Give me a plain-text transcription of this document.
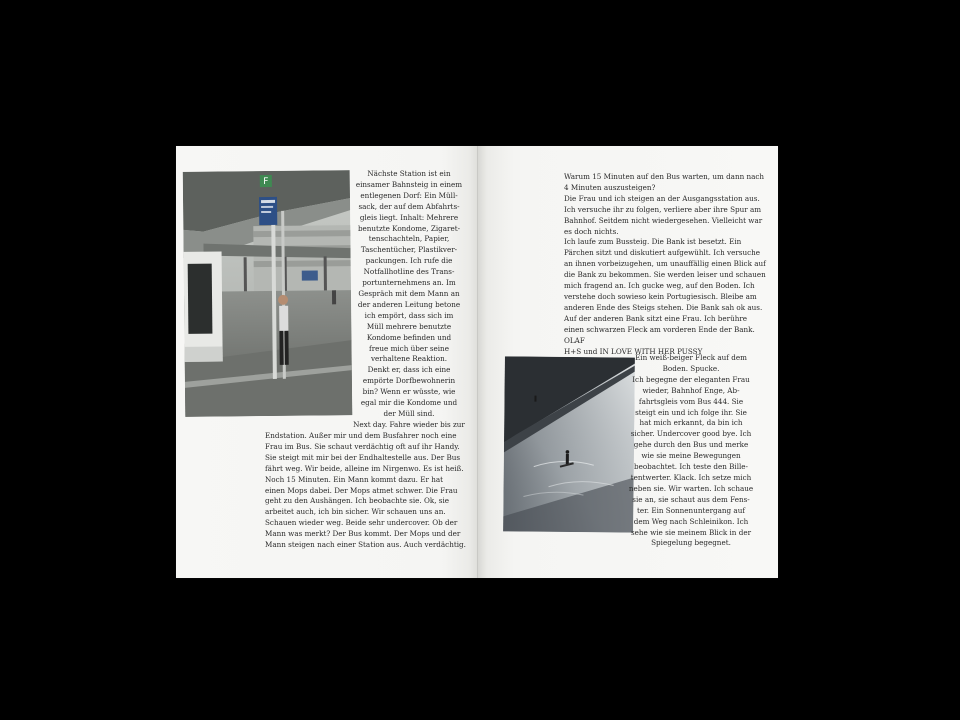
F
Nächste Station ist ein
einsamer Bahnsteig in einem
entlegenen Dorf: Ein Müll-
sack, der auf dem Abfahrts-
gleis liegt. Inhalt: Mehrere
benutzte Kondome, Zigaret-
tenschachteln, Papier,
Taschentücher, Plastikver-
packungen. Ich rufe die
Notfallhotline des Trans-
portunternehmens an. Im
Gespräch mit dem Mann an
der anderen Leitung betone
ich empört, dass sich im
Müll mehrere benutzte
Kondome befinden und
freue mich über seine
verhaltene Reaktion.
Denkt er, dass ich eine
empörte Dorfbewohnerin
bin? Wenn er wüsste, wie
egal mir die Kondome und
der Müll sind.
Next day. Fahre wieder bis zur
Endstation. Außer mir und dem Busfahrer noch eine
Frau im Bus. Sie schaut verdächtig oft auf ihr Handy.
Sie steigt mit mir bei der Endhaltestelle aus. Der Bus
fährt weg. Wir beide, alleine im Nirgenwo. Es ist heiß.
Noch 15 Minuten. Ein Mann kommt dazu. Er hat
einen Mops dabei. Der Mops atmet schwer. Die Frau
geht zu den Aushängen. Ich beobachte sie. Ok, sie
arbeitet auch, ich bin sicher. Wir schauen uns an.
Schauen wieder weg. Beide sehr undercover. Ob der
Mann was merkt? Der Bus kommt. Der Mops und der
Mann steigen nach einer Station aus. Auch verdächtig.
Warum 15 Minuten auf den Bus warten, um dann nach
4 Minuten auszusteigen?
Die Frau und ich steigen an der Ausgangsstation aus.
Ich versuche ihr zu folgen, verliere aber ihre Spur am
Bahnhof. Seitdem nicht wiedergesehen. Vielleicht war
es doch nichts.
Ich laufe zum Bussteig. Die Bank ist besetzt. Ein
Pärchen sitzt und diskutiert aufgewühlt. Ich versuche
an ihnen vorbeizugehen, um unauffällig einen Blick auf
die Bank zu bekommen. Sie werden leiser und schauen
mich fragend an. Ich gucke weg, auf den Boden. Ich
verstehe doch sowieso kein Portugiesisch. Bleibe am
anderen Ende des Steigs stehen. Die Bank sah ok aus.
Auf der anderen Bank sitzt eine Frau. Ich berühre
einen schwarzen Fleck am vorderen Ende der Bank.
OLAF
H+S und IN LOVE WITH HER PUSSY
Ein weiß-beiger Fleck auf dem
Boden. Spucke.
Ich begegne der eleganten Frau
wieder, Bahnhof Enge, Ab-
fahrtsgleis vom Bus 444. Sie
steigt ein und ich folge ihr. Sie
hat mich erkannt, da bin ich
sicher. Undercover good bye. Ich
gehe durch den Bus und merke
wie sie meine Bewegungen
beobachtet. Ich teste den Bille-
tentwerter. Klack. Ich setze mich
neben sie. Wir warten. Ich schaue
sie an, sie schaut aus dem Fens-
ter. Ein Sonnenuntergang auf
dem Weg nach Schleinikon. Ich
sehe wie sie meinem Blick in der
Spiegelung begegnet.
